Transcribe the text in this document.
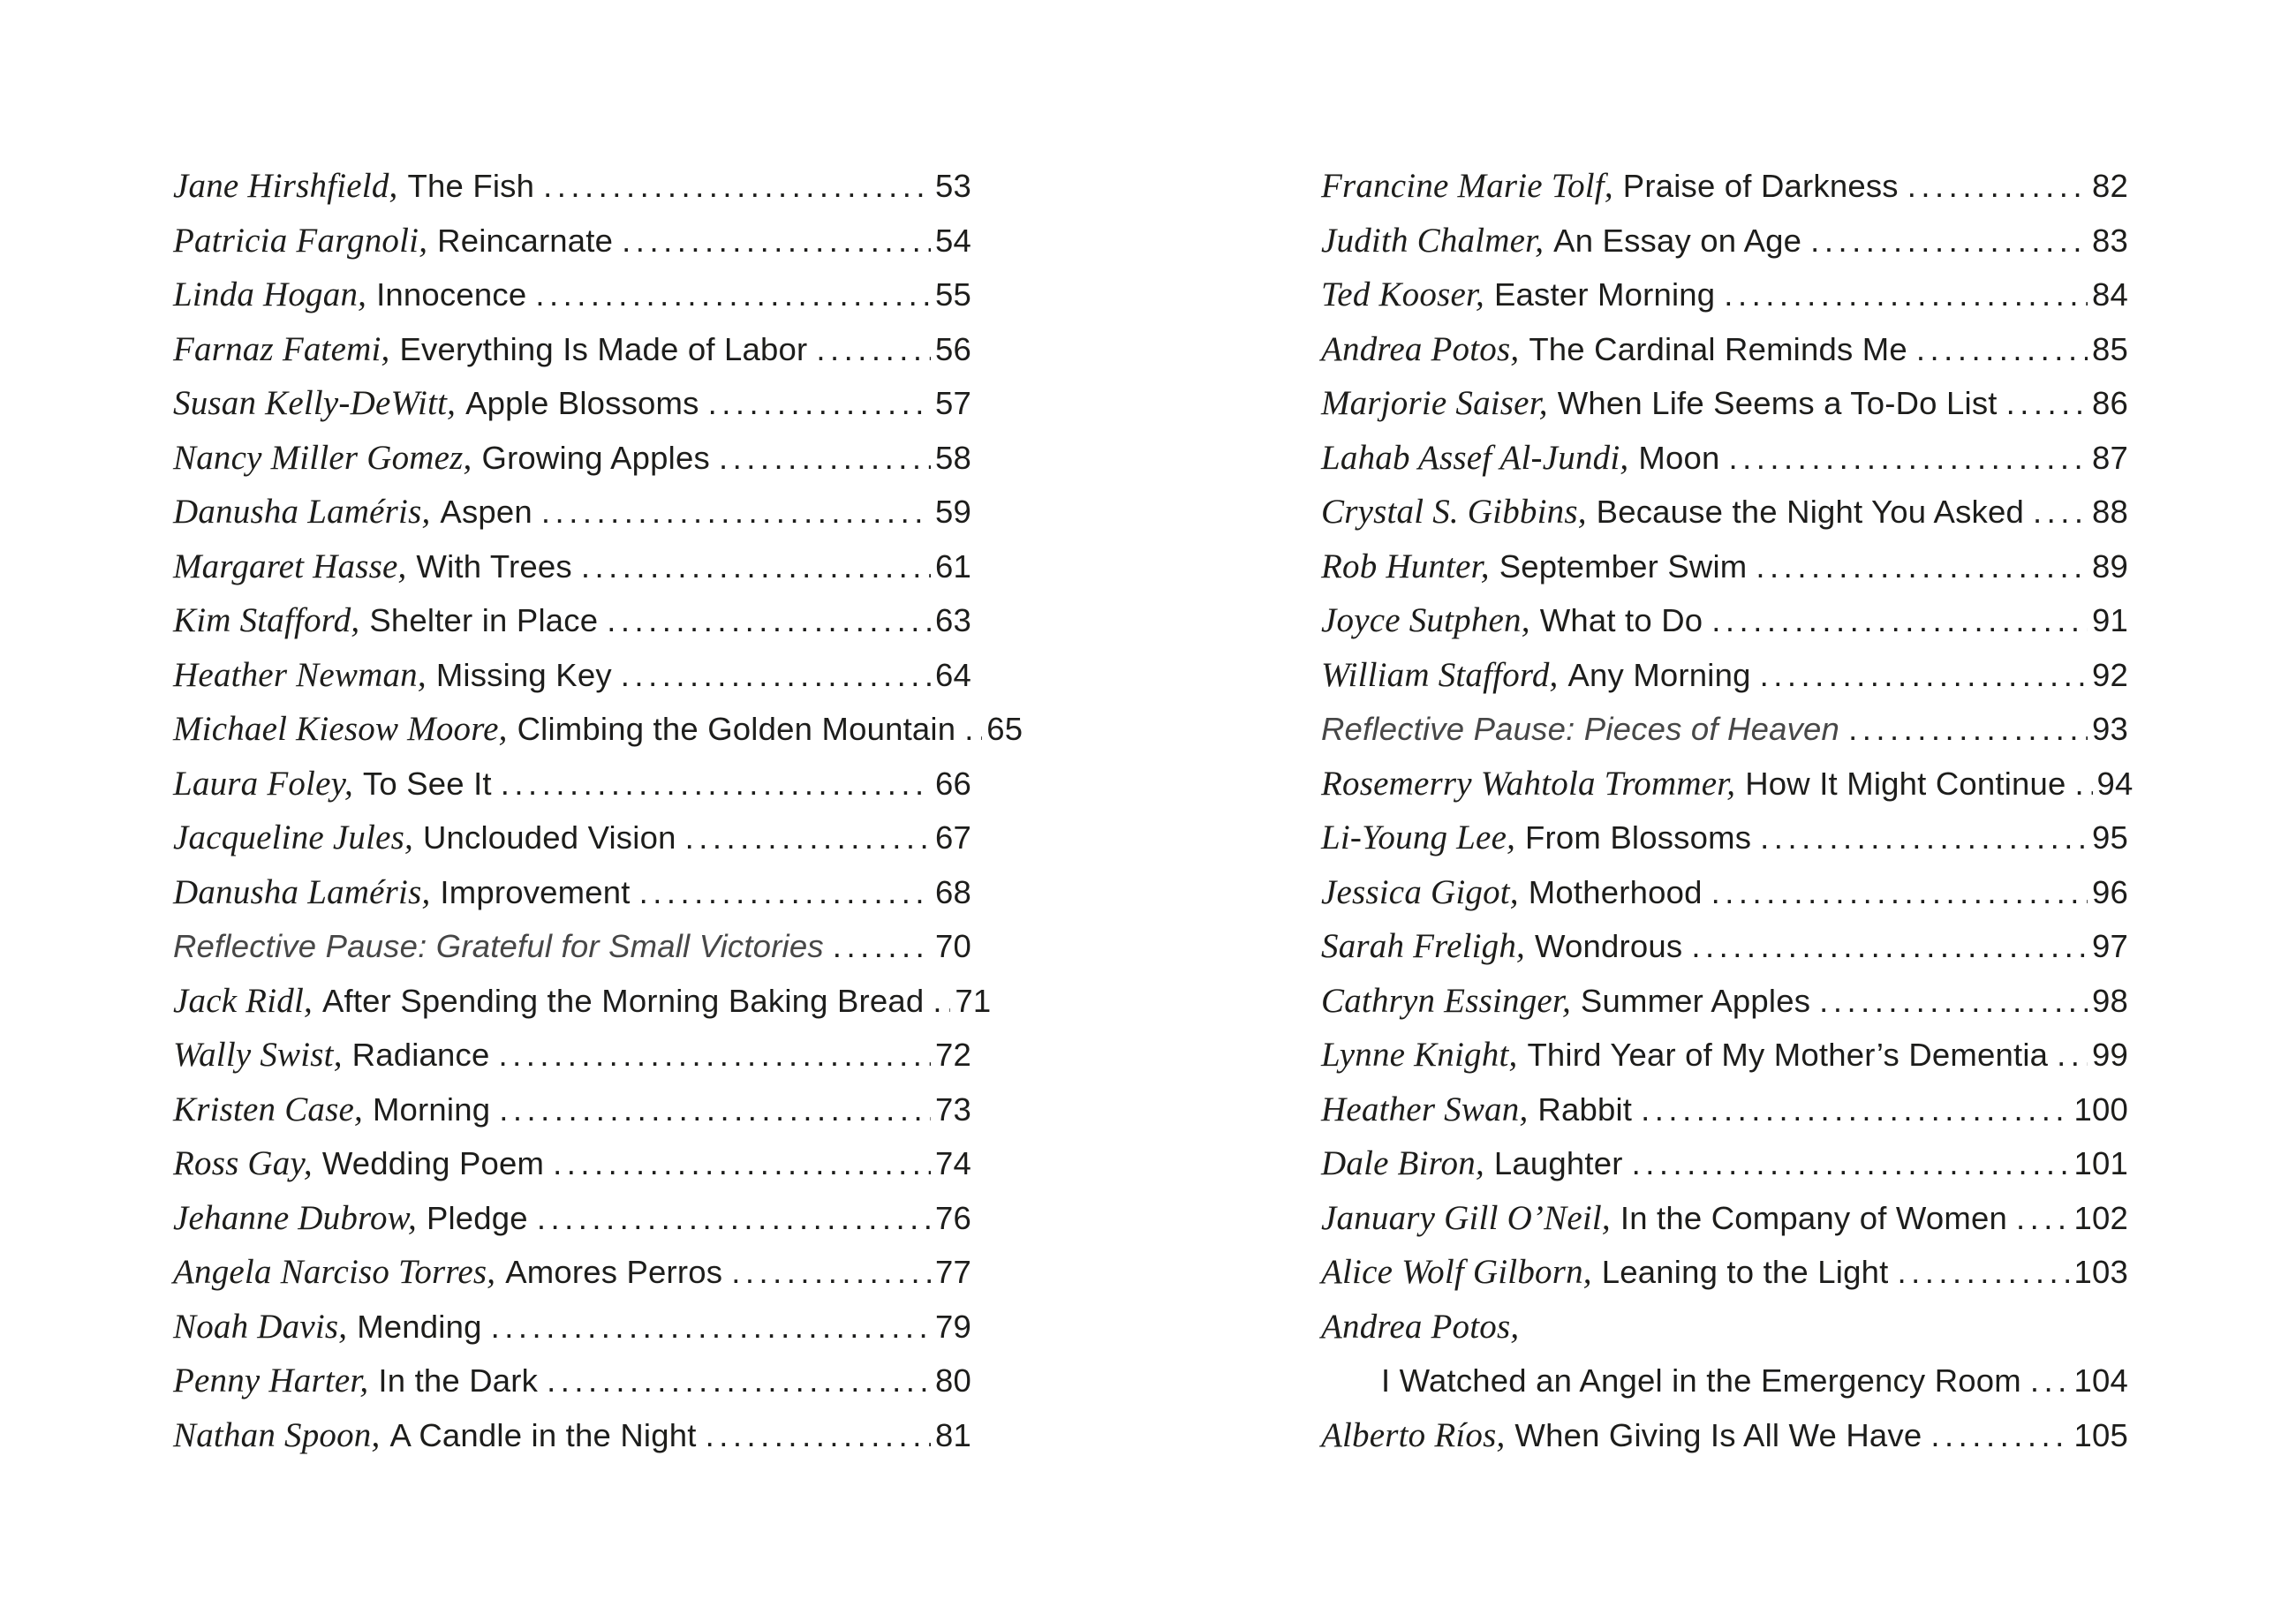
Jane Hirshfield, The Fish .....	53
Patricia Fargnoli, Reincarnate .....	54
Linda Hogan, Innocence .....	55
Farnaz Fatemi, Everything Is Made of Labor .....	56
Susan Kelly-DeWitt, Apple Blossoms .....	57
Nancy Miller Gomez, Growing Apples .....	58
Danusha Laméris, Aspen .....	59
Margaret Hasse, With Trees .....	61
Kim Stafford, Shelter in Place .....	63
Heather Newman, Missing Key .....	64
Michael Kiesow Moore, Climbing the Golden Mountain ..... 65
Laura Foley, To See It .....	66
Jacqueline Jules, Unclouded Vision .....	67
Danusha Laméris, Improvement .....	68
Reflective Pause: Grateful for Small Victories .....	70
Jack Ridl, After Spending the Morning Baking Bread ..... 71
Wally Swist, Radiance .....	72
Kristen Case, Morning .....	73
Ross Gay, Wedding Poem .....	74
Jehanne Dubrow, Pledge .....	76
Angela Narciso Torres, Amores Perros .....	77
Noah Davis, Mending .....	79
Penny Harter, In the Dark .....	80
Nathan Spoon, A Candle in the Night .....	81
Francine Marie Tolf, Praise of Darkness .....	82
Judith Chalmer, An Essay on Age .....	83
Ted Kooser, Easter Morning .....	84
Andrea Potos, The Cardinal Reminds Me .....	85
Marjorie Saiser, When Life Seems a To-Do List .....	86
Lahab Assef Al-Jundi, Moon .....	87
Crystal S. Gibbins, Because the Night You Asked ..... 88
Rob Hunter, September Swim .....	89
Joyce Sutphen, What to Do .....	91
William Stafford, Any Morning .....	92
Reflective Pause: Pieces of Heaven .....	93
Rosemerry Wahtola Trommer, How It Might Continue ..... 94
Li-Young Lee, From Blossoms .....	95
Jessica Gigot, Motherhood .....	96
Sarah Freligh, Wondrous .....	97
Cathryn Essinger, Summer Apples .....	98
Lynne Knight, Third Year of My Mother’s Dementia ..... 99
Heather Swan, Rabbit .....	100
Dale Biron, Laughter .....	101
January Gill O’Neil, In the Company of Women ..... 102
Alice Wolf Gilborn, Leaning to the Light .....	103
Andrea Potos,
I Watched an Angel in the Emergency Room ..... 104
Alberto Ríos, When Giving Is All We Have .....	105
